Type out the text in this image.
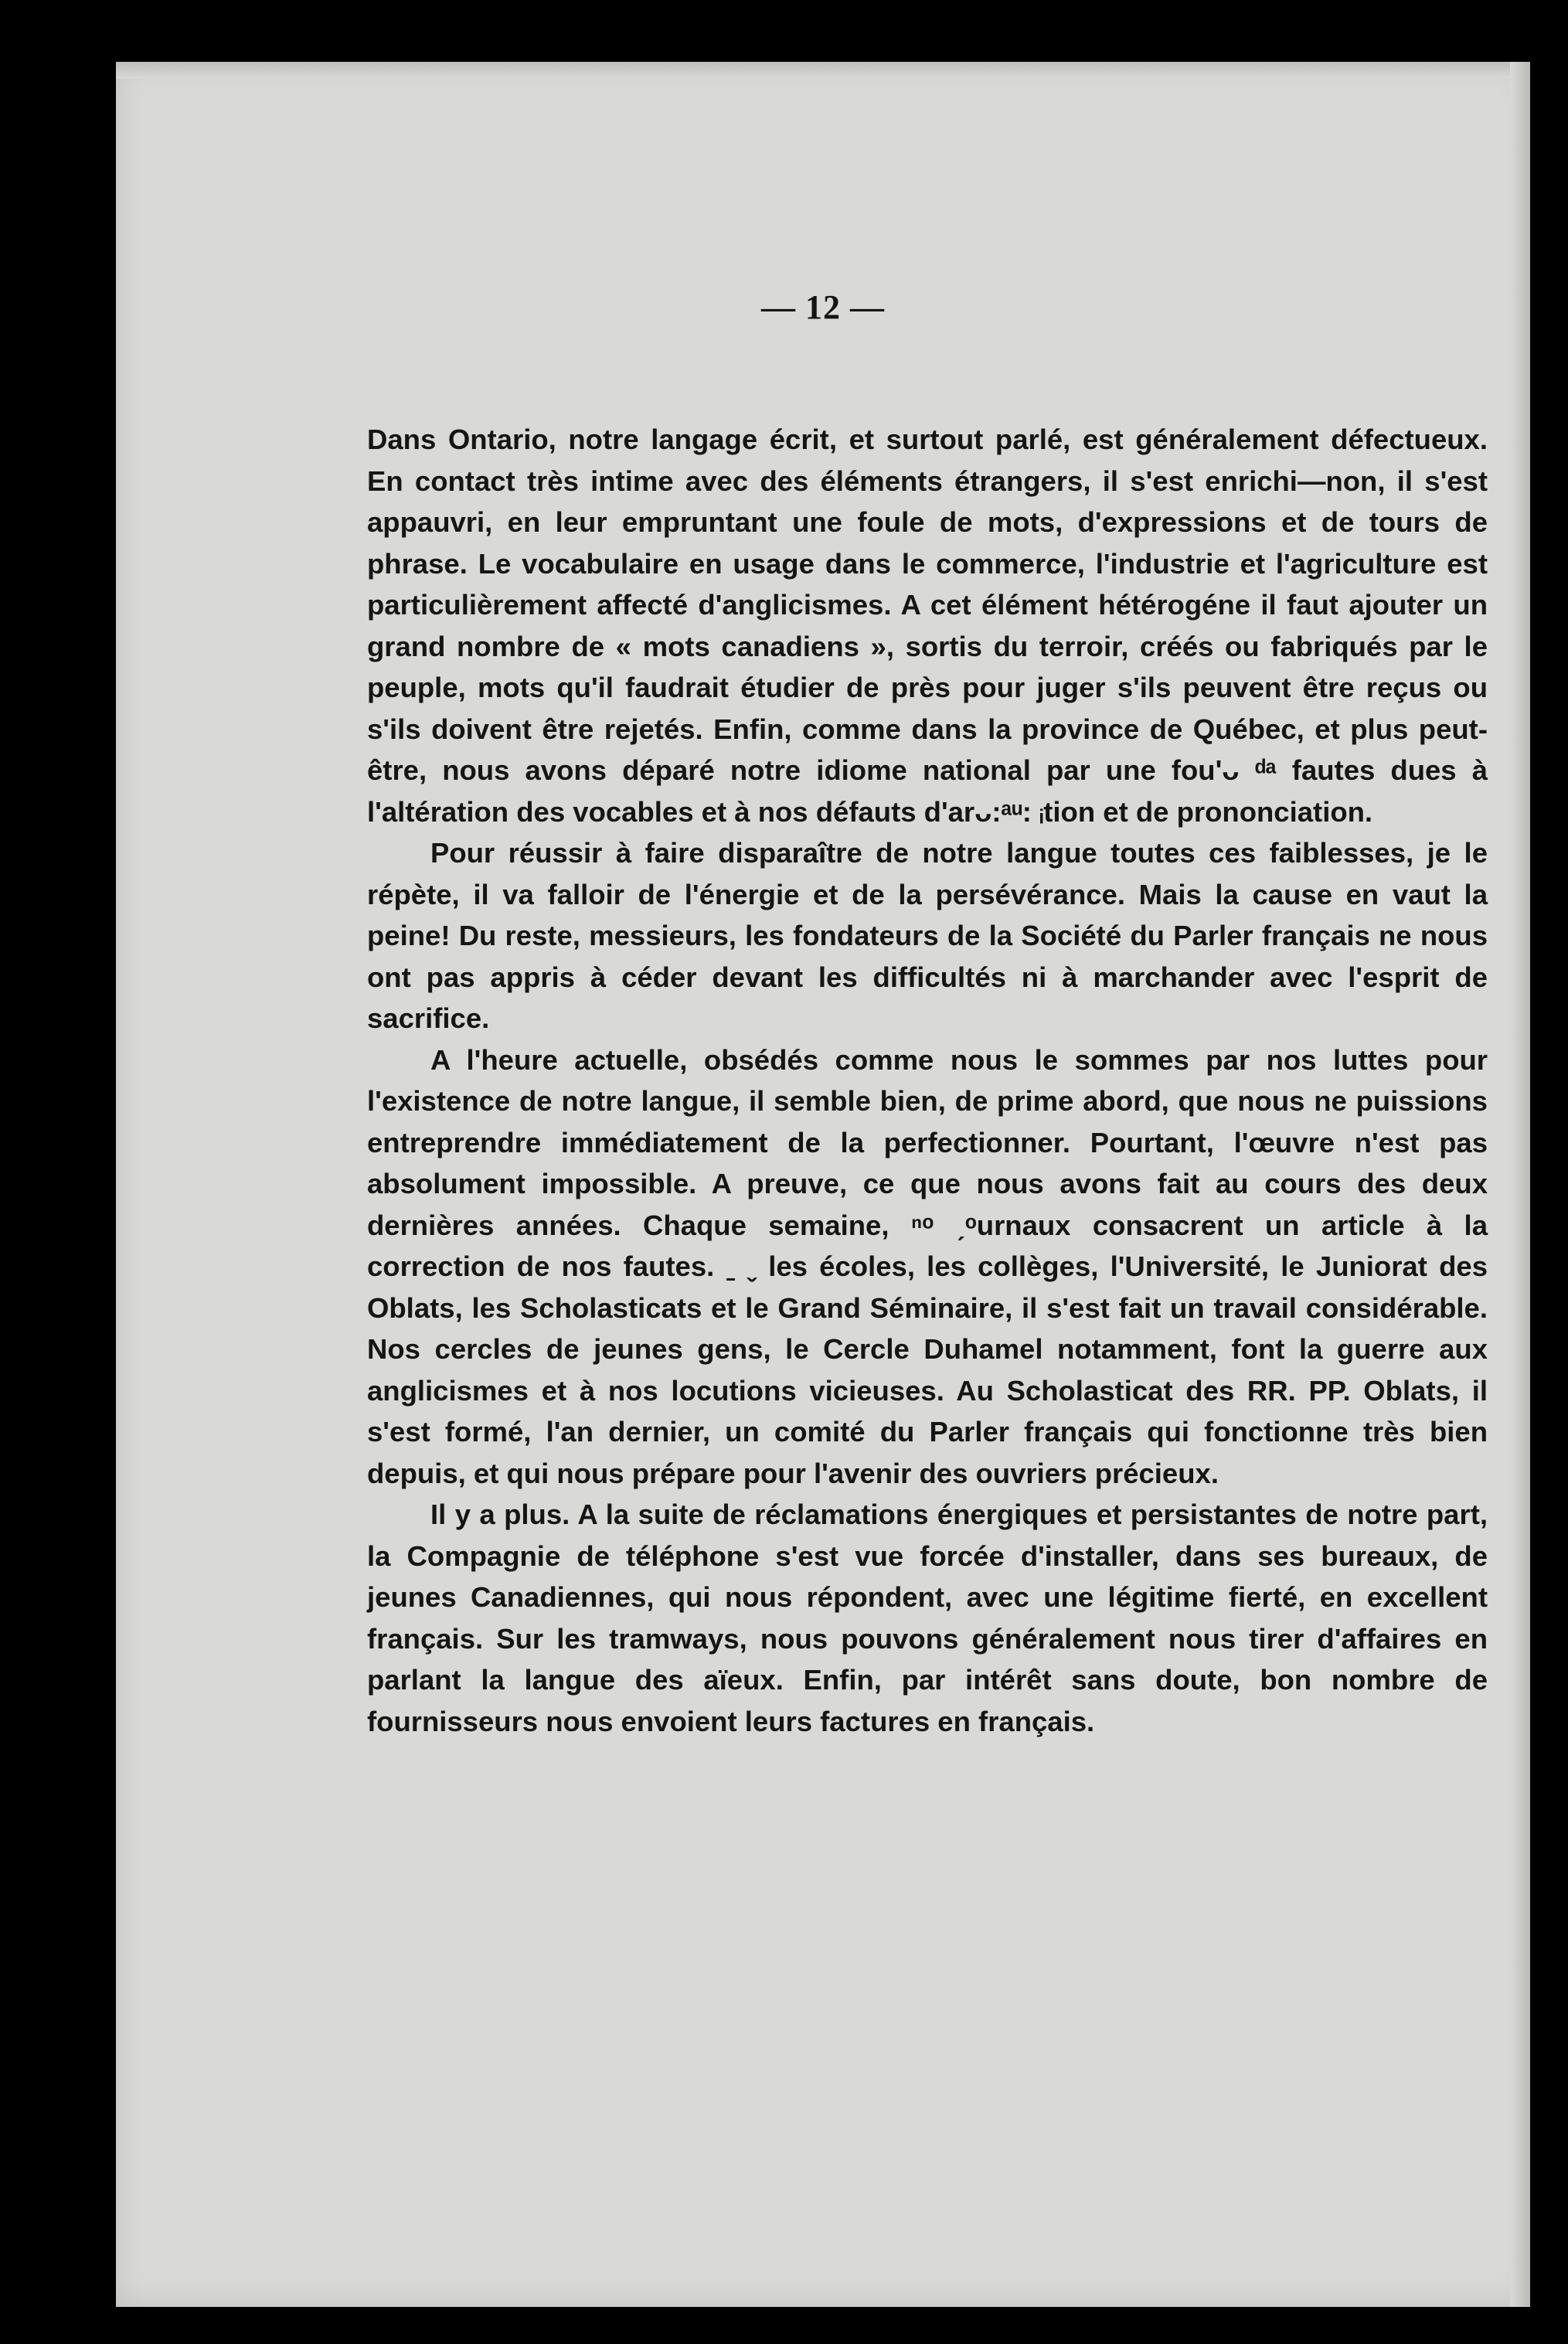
— 12 —

Dans Ontario, notre langage écrit, et surtout parlé, est généralement défectueux. En contact très intime avec des éléments étrangers, il s'est enrichi—non, il s'est appauvri, en leur empruntant une foule de mots, d'expressions et de tours de phrase. Le vocabulaire en usage dans le commerce, l'industrie et l'agriculture est particulièrement affecté d'anglicismes. A cet élément hétérogéne il faut ajouter un grand nombre de « mots canadiens », sortis du terroir, créés ou fabriqués par le peuple, mots qu'il faudrait étudier de près pour juger s'ils peuvent être reçus ou s'ils doivent être rejetés. Enfin, comme dans la province de Québec, et plus peut-être, nous avons déparé notre idiome national par une fou'ᴗ ᵈᵃ fautes dues à l'altération des vocables et à nos défauts d'arᴗ:ᵃᵘ: ᵢtion et de prononciation.

Pour réussir à faire disparaître de notre langue toutes ces faiblesses, je le répète, il va falloir de l'énergie et de la persévérance. Mais la cause en vaut la peine! Du reste, messieurs, les fondateurs de la Société du Parler français ne nous ont pas appris à céder devant les difficultés ni à marchander avec l'esprit de sacrifice.

A l'heure actuelle, obsédés comme nous le sommes par nos luttes pour l'existence de notre langue, il semble bien, de prime abord, que nous ne puissions entreprendre immédiatement de la perfectionner. Pourtant, l'œuvre n'est pas absolument impossible. A preuve, ce que nous avons fait au cours des deux dernières années. Chaque semaine, ⁿᵒ ˏᵒurnaux consacrent un article à la correction de nos fautes. ˍ ˬ les écoles, les collèges, l'Université, le Juniorat des Oblats, les Scholasticats et le Grand Séminaire, il s'est fait un travail considérable. Nos cercles de jeunes gens, le Cercle Duhamel notamment, font la guerre aux anglicismes et à nos locutions vicieuses. Au Scholasticat des RR. PP. Oblats, il s'est formé, l'an dernier, un comité du Parler français qui fonctionne très bien depuis, et qui nous prépare pour l'avenir des ouvriers précieux.

Il y a plus. A la suite de réclamations énergiques et persistantes de notre part, la Compagnie de téléphone s'est vue forcée d'installer, dans ses bureaux, de jeunes Canadiennes, qui nous répondent, avec une légitime fierté, en excellent français. Sur les tramways, nous pouvons généralement nous tirer d'affaires en parlant la langue des aïeux. Enfin, par intérêt sans doute, bon nombre de fournisseurs nous envoient leurs factures en français.
